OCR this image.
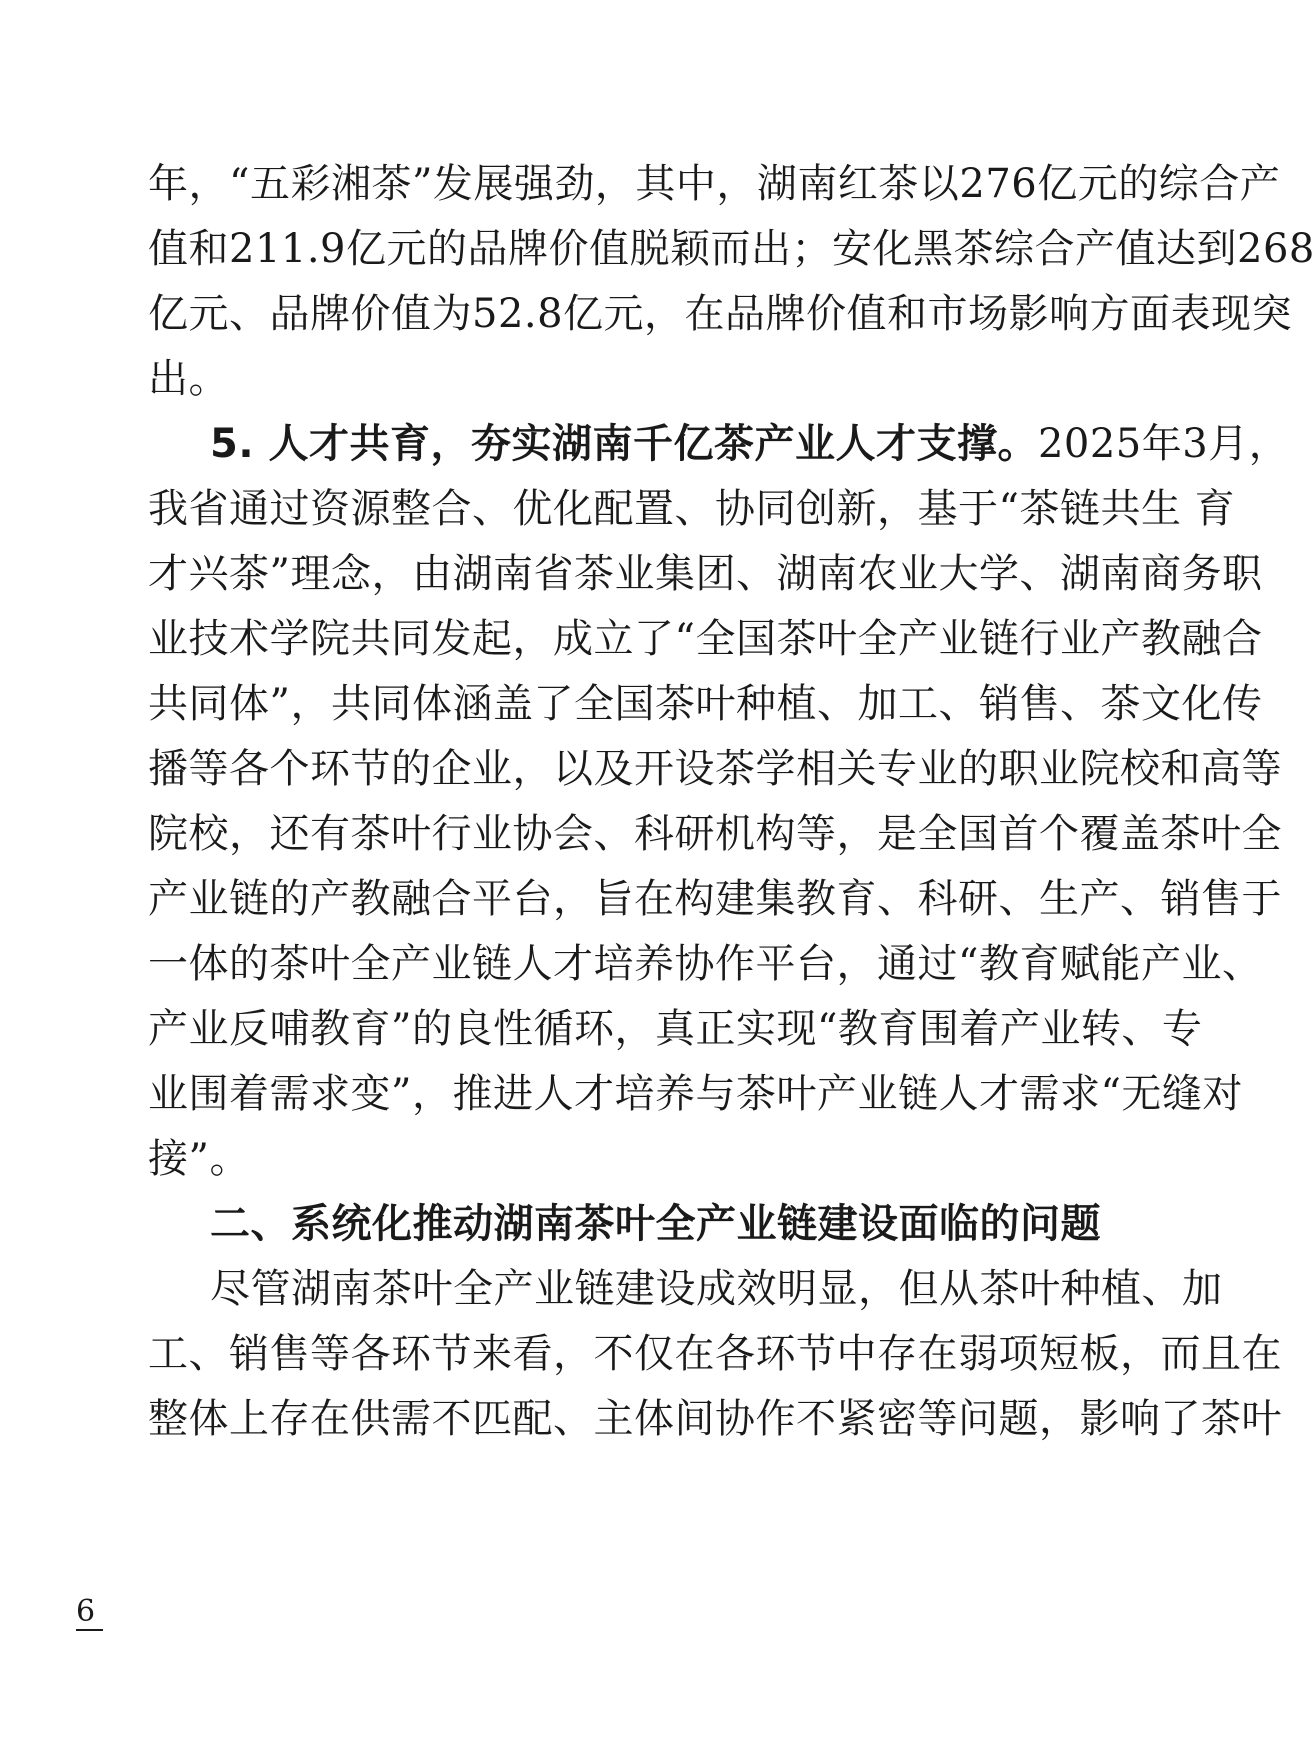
年，“五彩湘茶”发展强劲，其中，湖南红茶以276亿元的综合产
值和211.9亿元的品牌价值脱颖而出；安化黑茶综合产值达到268
亿元、品牌价值为52.8亿元，在品牌价值和市场影响方面表现突
出。
5. 人才共育，夯实湖南千亿茶产业人才支撑。2025年3月，
我省通过资源整合、优化配置、协同创新，基于“茶链共生 育
才兴茶”理念，由湖南省茶业集团、湖南农业大学、湖南商务职
业技术学院共同发起，成立了“全国茶叶全产业链行业产教融合
共同体”，共同体涵盖了全国茶叶种植、加工、销售、茶文化传
播等各个环节的企业，以及开设茶学相关专业的职业院校和高等
院校，还有茶叶行业协会、科研机构等，是全国首个覆盖茶叶全
产业链的产教融合平台，旨在构建集教育、科研、生产、销售于
一体的茶叶全产业链人才培养协作平台，通过“教育赋能产业、
产业反哺教育”的良性循环，真正实现“教育围着产业转、专
业围着需求变”，推进人才培养与茶叶产业链人才需求“无缝对
接”。
二、系统化推动湖南茶叶全产业链建设面临的问题
尽管湖南茶叶全产业链建设成效明显，但从茶叶种植、加
工、销售等各环节来看，不仅在各环节中存在弱项短板，而且在
整体上存在供需不匹配、主体间协作不紧密等问题，影响了茶叶
6
